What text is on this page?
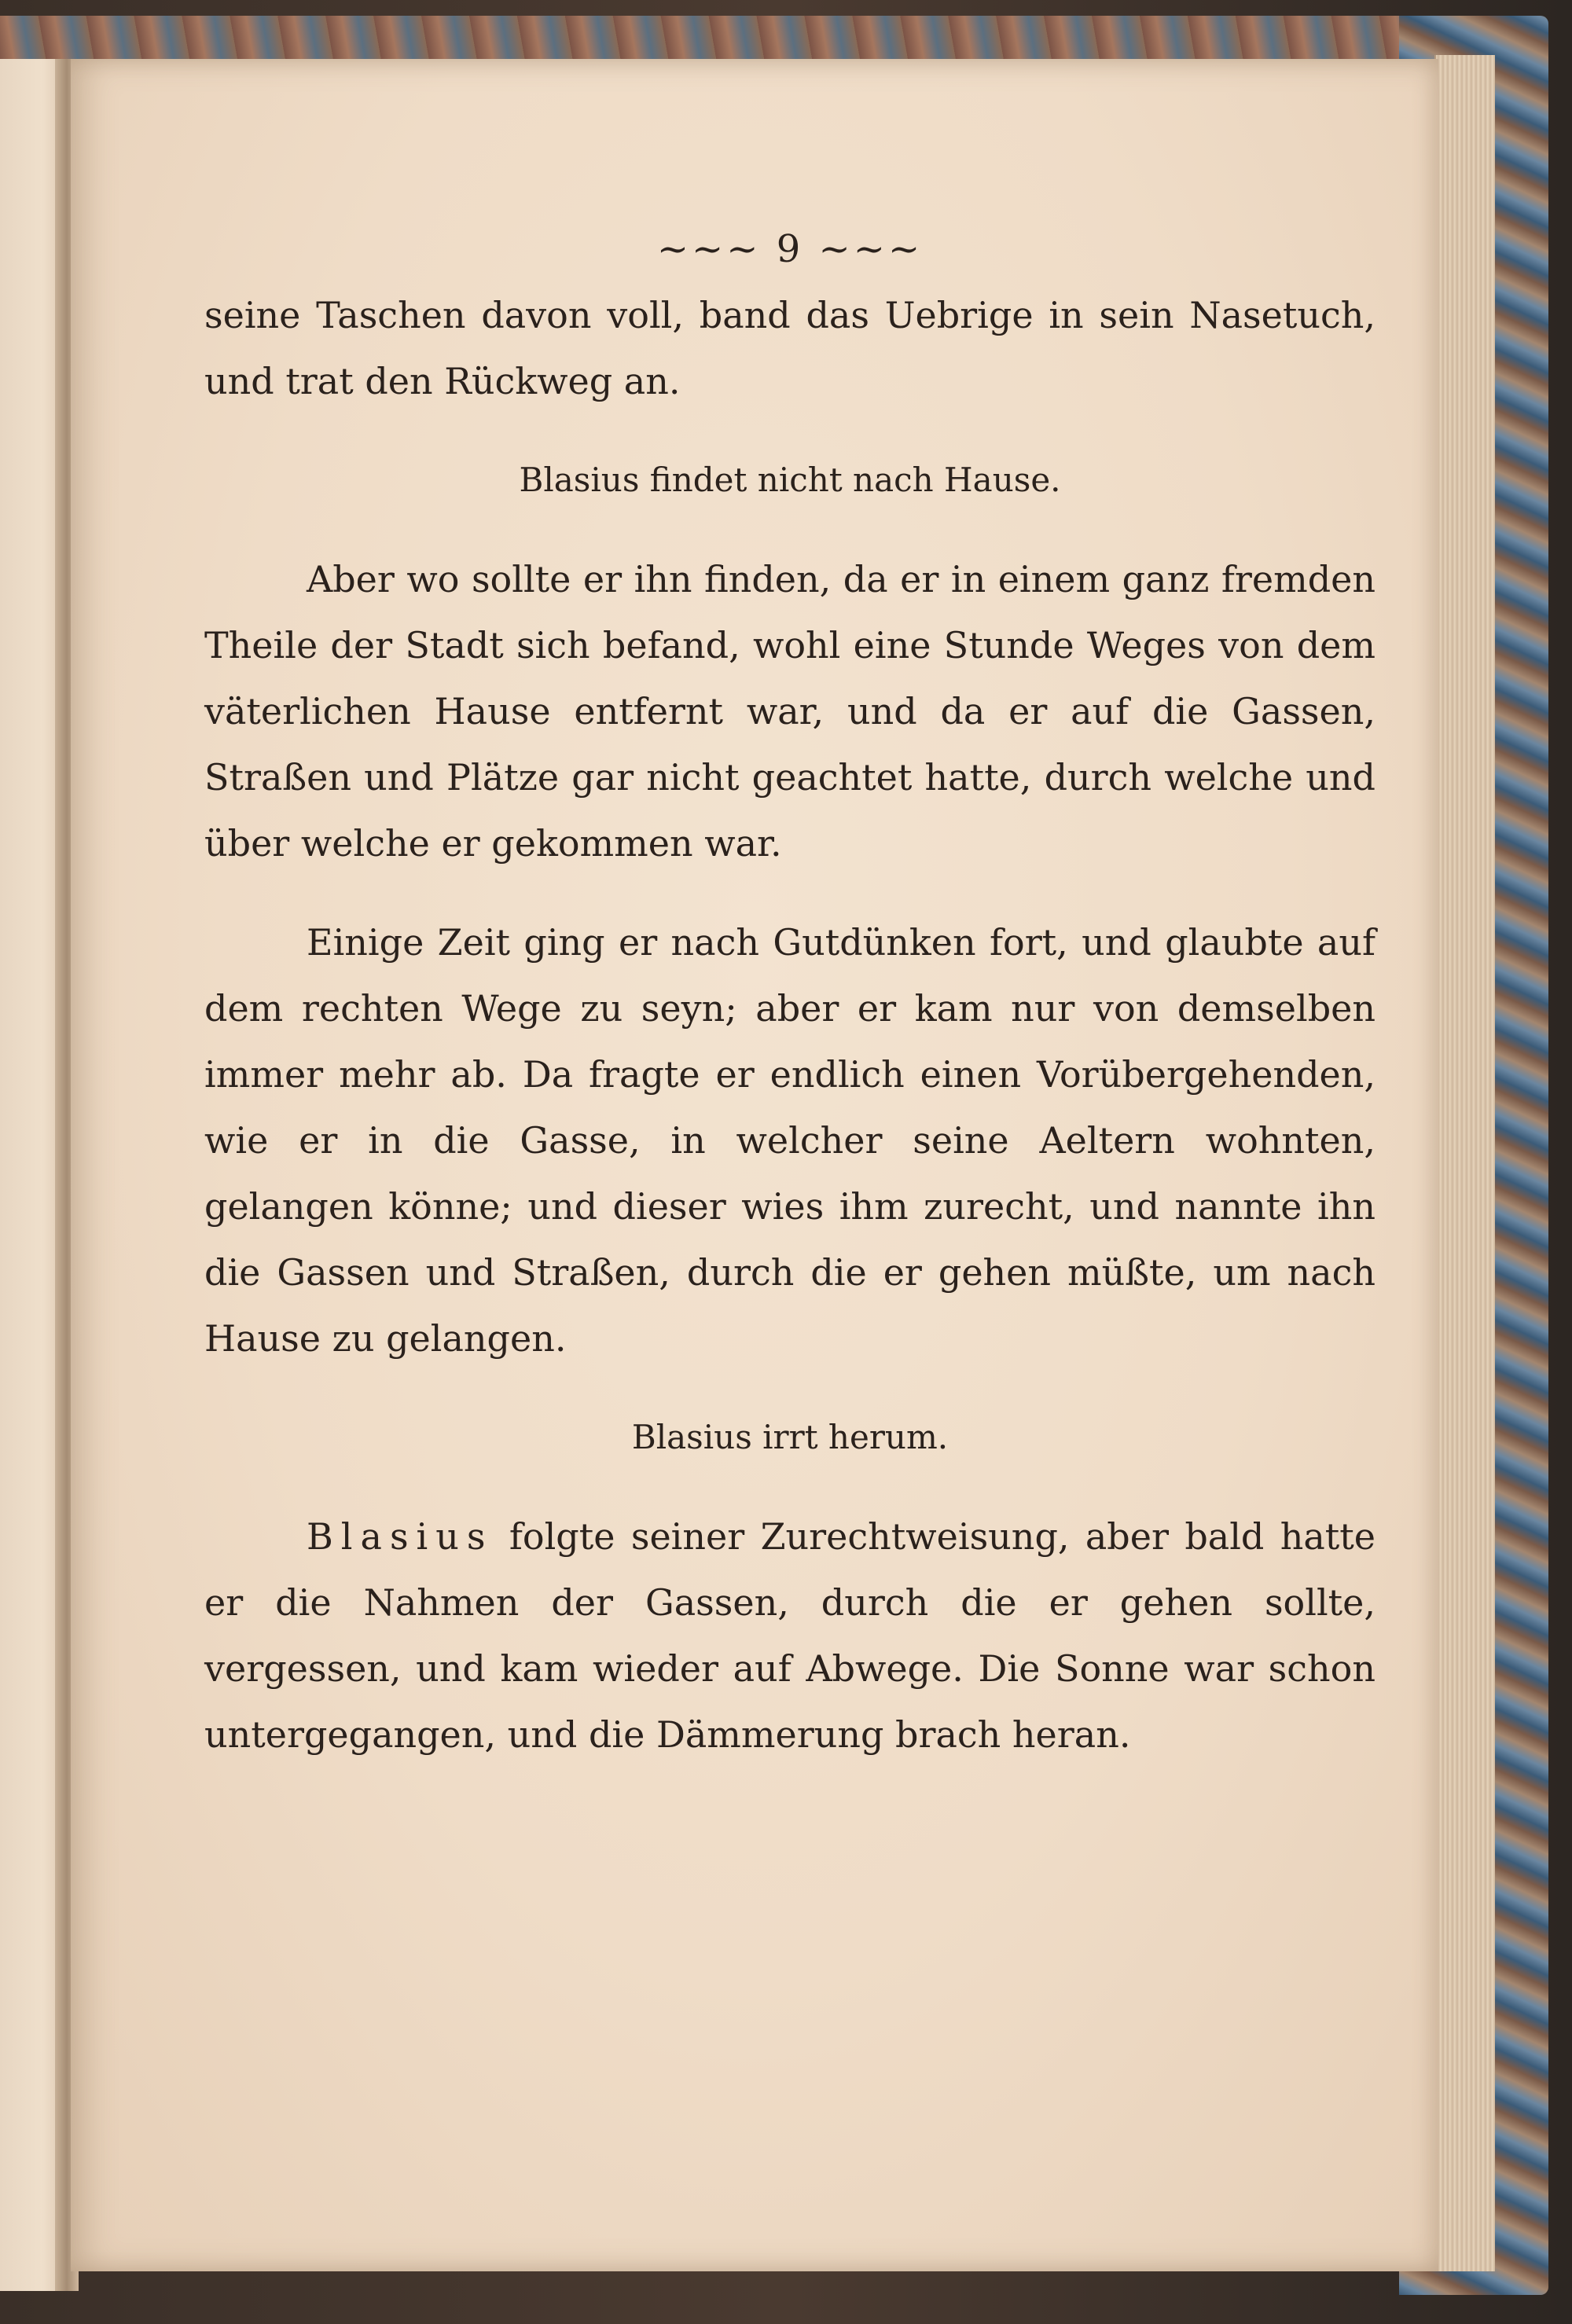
~~~ 9 ~~~

seine Taschen davon voll, band das Uebrige in sein Nasetuch, und trat den Rückweg an.

Blasius findet nicht nach Hause.

Aber wo sollte er ihn finden, da er in einem ganz fremden Theile der Stadt sich befand, wohl eine Stunde Weges von dem väterlichen Hause entfernt war, und da er auf die Gassen, Straßen und Plätze gar nicht geachtet hatte, durch welche und über welche er gekommen war.

Einige Zeit ging er nach Gutdünken fort, und glaubte auf dem rechten Wege zu seyn; aber er kam nur von demselben immer mehr ab. Da fragte er endlich einen Vorübergehenden, wie er in die Gasse, in welcher seine Aeltern wohnten, gelangen könne; und dieser wies ihm zurecht, und nannte ihn die Gassen und Straßen, durch die er gehen müßte, um nach Hause zu gelangen.

Blasius irrt herum.

Blasius folgte seiner Zurechtweisung, aber bald hatte er die Nahmen der Gassen, durch die er gehen sollte, vergessen, und kam wieder auf Abwege. Die Sonne war schon untergegangen, und die Dämmerung brach heran.
